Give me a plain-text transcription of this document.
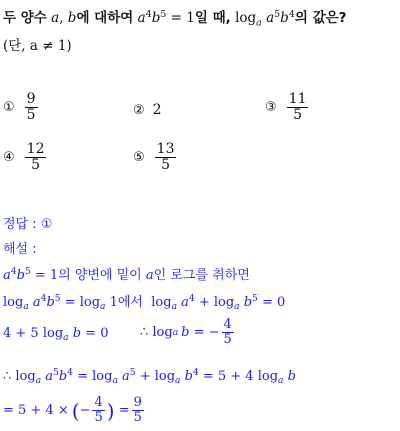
두 양수 a, b에 대하여 $a^4b^5 = 1$일 때, $\log_a a^5b^4$의 값은?
(단, a ≠ 1)
① $\frac{9}{5}$	② 2	③ $\frac{11}{5}$
④ $\frac{12}{5}$	⑤ $\frac{13}{5}$
정답 : ①
해설 :
$a^4b^5 = 1$의 양변에 밑이 a인 로그를 취하면
$\log_a a^4b^5 = \log_a 1$에서  $\log_a a^4 + \log_a b^5 = 0$
4 + 5 $\log_a b = 0$ ∴ log a b = − $\frac{4}{5}$
∴ $\log_a a^5b^4 = \log_a a^5 + \log_a b^4 = 5 + 4$ $\log_a b$
= 5 + 4 × ( − $\frac{4}{5}$ ) = $\frac{9}{5}$
